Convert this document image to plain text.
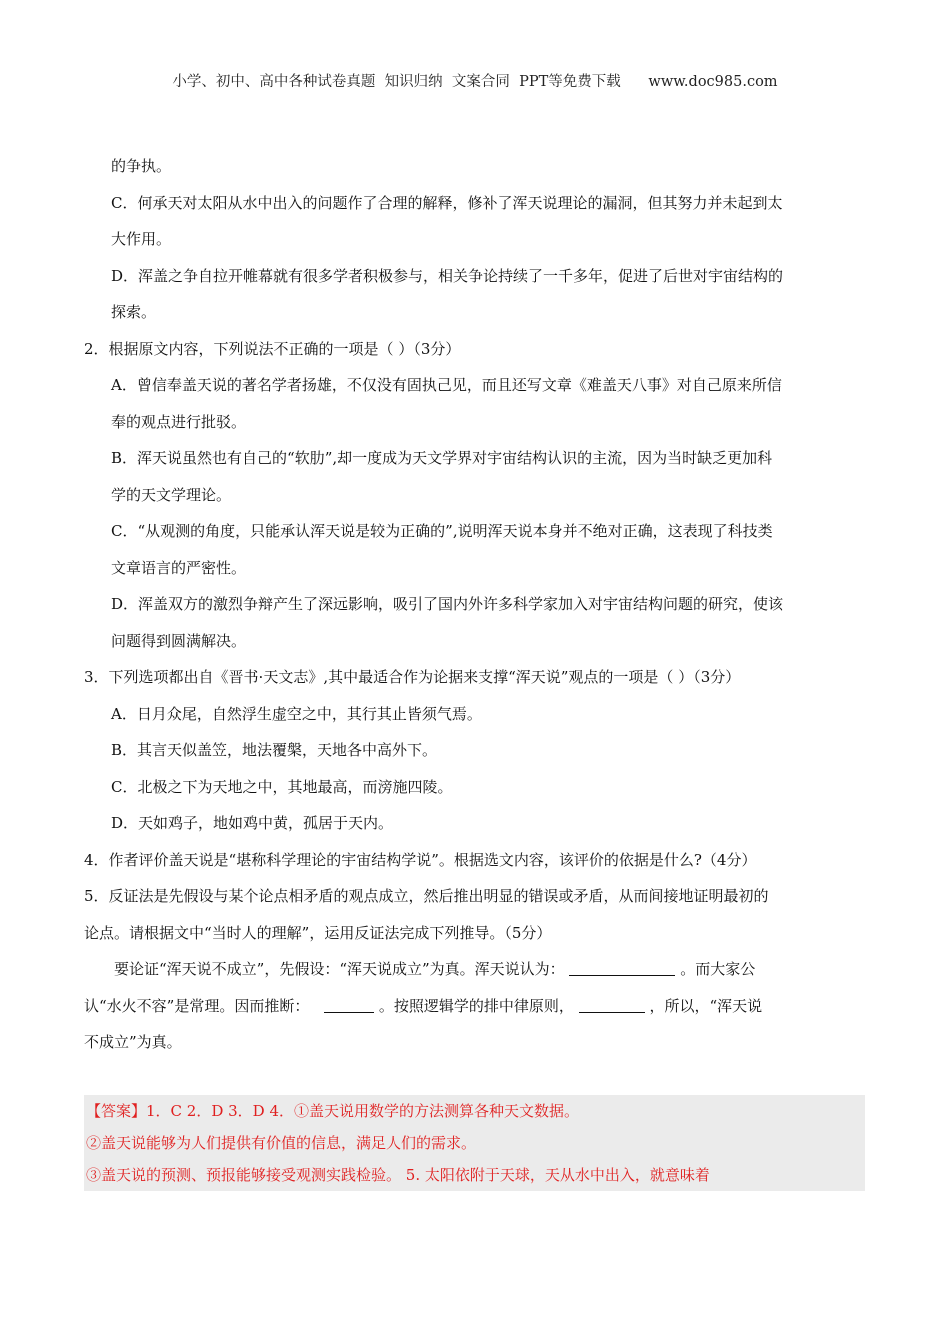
小学、初中、高中各种试卷真题  知识归纳  文案合同  PPT等免费下载      www.doc985.com
的争执。
C．何承天对太阳从水中出入的问题作了合理的解释，修补了浑天说理论的漏洞，但其努力并未起到太
大作用。
D．浑盖之争自拉开帷幕就有很多学者积极参与，相关争论持续了一千多年，促进了后世对宇宙结构的
探索。
2．根据原文内容，下列说法不正确的一项是（ ）（3分）
A．曾信奉盖天说的著名学者扬雄，不仅没有固执己见，而且还写文章《难盖天八事》对自己原来所信
奉的观点进行批驳。
B．浑天说虽然也有自己的“软肋”,却一度成为天文学界对宇宙结构认识的主流，因为当时缺乏更加科
学的天文学理论。
C．“从观测的角度，只能承认浑天说是较为正确的”,说明浑天说本身并不绝对正确，这表现了科技类
文章语言的严密性。
D．浑盖双方的激烈争辩产生了深远影响，吸引了国内外许多科学家加入对宇宙结构问题的研究，使该
问题得到圆满解决。
3．下列选项都出自《晋书·天文志》,其中最适合作为论据来支撑“浑天说”观点的一项是（ ）（3分）
A．日月众尾，自然浮生虚空之中，其行其止皆须气焉。
B．其言天似盖笠，地法覆槃，天地各中高外下。
C．北极之下为天地之中，其地最高，而滂施四陵。
D．天如鸡子，地如鸡中黄，孤居于天内。
4．作者评价盖天说是“堪称科学理论的宇宙结构学说”。根据选文内容，该评价的依据是什么?（4分）
5．反证法是先假设与某个论点相矛盾的观点成立，然后推出明显的错误或矛盾，从而间接地证明最初的
论点。请根据文中“当时人的理解”，运用反证法完成下列推导。（5分）
要论证“浑天说不成立”，先假设：“浑天说成立”为真。浑天说认为：	。而大家公
认“水火不容”是常理。因而推断：	。按照逻辑学的排中律原则，	，所以，“浑天说
不成立”为真。
【答案】1．C 2．D 3．D 4．①盖天说用数学的方法测算各种天文数据。
②盖天说能够为人们提供有价值的信息，满足人们的需求。
③盖天说的预测、预报能够接受观测实践检验。 5. 太阳依附于天球，天从水中出入，就意味着
